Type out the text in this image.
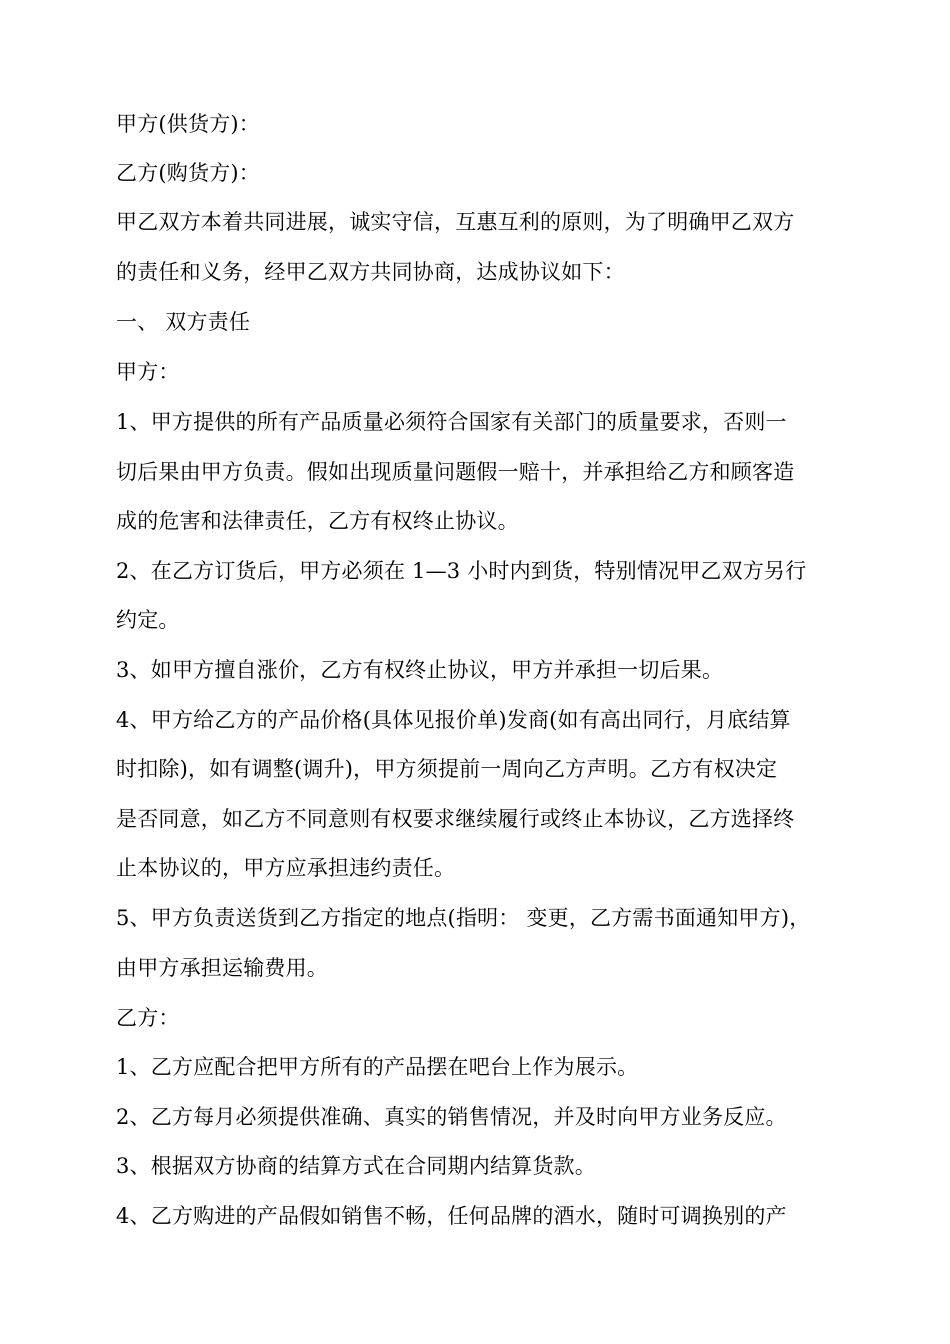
甲方(供货方)：
乙方(购货方)：
甲乙双方本着共同进展，诚实守信，互惠互利的原则，为了明确甲乙双方
的责任和义务，经甲乙双方共同协商，达成协议如下：
一、 双方责任
甲方：
1、甲方提供的所有产品质量必须符合国家有关部门的质量要求，否则一
切后果由甲方负责。假如出现质量问题假一赔十，并承担给乙方和顾客造
成的危害和法律责任，乙方有权终止协议。
2、在乙方订货后，甲方必须在 1—3 小时内到货，特别情况甲乙双方另行
约定。
3、如甲方擅自涨价，乙方有权终止协议，甲方并承担一切后果。
4、甲方给乙方的产品价格(具体见报价单)发商(如有高出同行，月底结算
时扣除)，如有调整(调升)，甲方须提前一周向乙方声明。乙方有权决定
是否同意，如乙方不同意则有权要求继续履行或终止本协议，乙方选择终
止本协议的，甲方应承担违约责任。
5、甲方负责送货到乙方指定的地点(指明： 变更，乙方需书面通知甲方)，
由甲方承担运输费用。
乙方：
1、乙方应配合把甲方所有的产品摆在吧台上作为展示。
2、乙方每月必须提供准确、真实的销售情况，并及时向甲方业务反应。
3、根据双方协商的结算方式在合同期内结算货款。
4、乙方购进的产品假如销售不畅，任何品牌的酒水，随时可调换别的产
